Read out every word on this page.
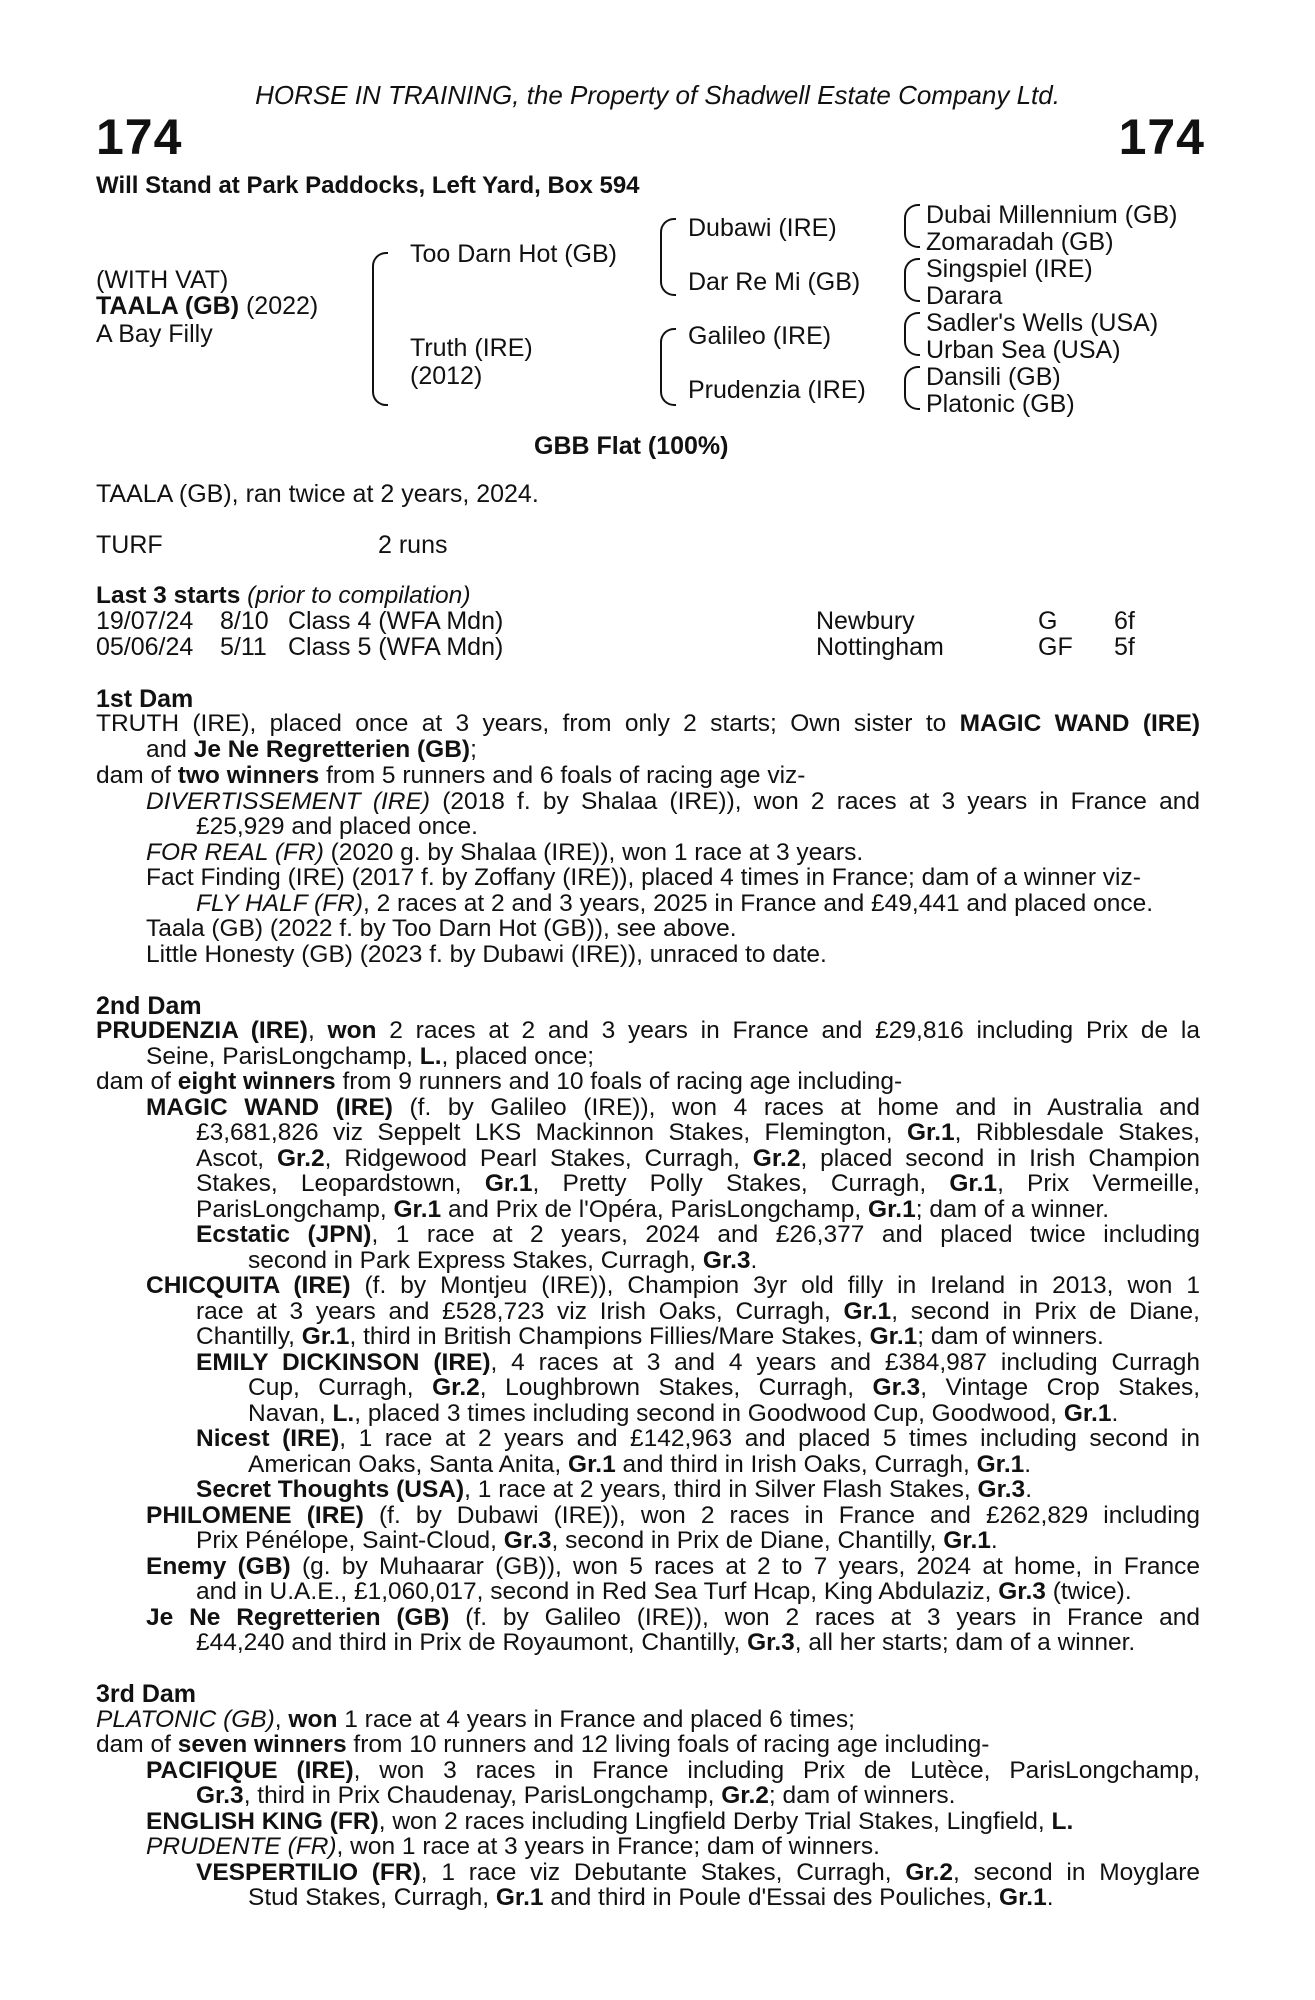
HORSE IN TRAINING, the Property of Shadwell Estate Company Ltd.
174	174
Will Stand at Park Paddocks, Left Yard, Box 594
(WITH VAT)
TAALA (GB) (2022)
A Bay Filly
Too Darn Hot (GB)
Truth (IRE)
(2012)
Dubawi (IRE)
Dar Re Mi (GB)
Galileo (IRE)
Prudenzia (IRE)
Dubai Millennium (GB)
Zomaradah (GB)
Singspiel (IRE)
Darara
Sadler's Wells (USA)
Urban Sea (USA)
Dansili (GB)
Platonic (GB)
GBB Flat (100%)
TAALA (GB), ran twice at 2 years, 2024.
TURF	2 runs
Last 3 starts (prior to compilation)
19/07/24 8/10 Class 4 (WFA Mdn)	Newbury	G 6f
05/06/24 5/11 Class 5 (WFA Mdn)	Nottingham	GF 5f
1st Dam
TRUTH (IRE), placed once at 3 years, from only 2 starts; Own sister to MAGIC WAND (IRE)
and Je Ne Regretterien (GB);
dam of two winners from 5 runners and 6 foals of racing age viz-
DIVERTISSEMENT (IRE) (2018 f. by Shalaa (IRE)), won 2 races at 3 years in France and
£25,929 and placed once.
FOR REAL (FR) (2020 g. by Shalaa (IRE)), won 1 race at 3 years.
Fact Finding (IRE) (2017 f. by Zoffany (IRE)), placed 4 times in France; dam of a winner viz-
FLY HALF (FR), 2 races at 2 and 3 years, 2025 in France and £49,441 and placed once.
Taala (GB) (2022 f. by Too Darn Hot (GB)), see above.
Little Honesty (GB) (2023 f. by Dubawi (IRE)), unraced to date.
2nd Dam
PRUDENZIA (IRE), won 2 races at 2 and 3 years in France and £29,816 including Prix de la
Seine, ParisLongchamp, L., placed once;
dam of eight winners from 9 runners and 10 foals of racing age including-
MAGIC WAND (IRE) (f. by Galileo (IRE)), won 4 races at home and in Australia and
£3,681,826 viz Seppelt LKS Mackinnon Stakes, Flemington, Gr.1, Ribblesdale Stakes,
Ascot, Gr.2, Ridgewood Pearl Stakes, Curragh, Gr.2, placed second in Irish Champion
Stakes, Leopardstown, Gr.1, Pretty Polly Stakes, Curragh, Gr.1, Prix Vermeille,
ParisLongchamp, Gr.1 and Prix de l'Opéra, ParisLongchamp, Gr.1; dam of a winner.
Ecstatic (JPN), 1 race at 2 years, 2024 and £26,377 and placed twice including
second in Park Express Stakes, Curragh, Gr.3.
CHICQUITA (IRE) (f. by Montjeu (IRE)), Champion 3yr old filly in Ireland in 2013, won 1
race at 3 years and £528,723 viz Irish Oaks, Curragh, Gr.1, second in Prix de Diane,
Chantilly, Gr.1, third in British Champions Fillies/Mare Stakes, Gr.1; dam of winners.
EMILY DICKINSON (IRE), 4 races at 3 and 4 years and £384,987 including Curragh
Cup, Curragh, Gr.2, Loughbrown Stakes, Curragh, Gr.3, Vintage Crop Stakes,
Navan, L., placed 3 times including second in Goodwood Cup, Goodwood, Gr.1.
Nicest (IRE), 1 race at 2 years and £142,963 and placed 5 times including second in
American Oaks, Santa Anita, Gr.1 and third in Irish Oaks, Curragh, Gr.1.
Secret Thoughts (USA), 1 race at 2 years, third in Silver Flash Stakes, Gr.3.
PHILOMENE (IRE) (f. by Dubawi (IRE)), won 2 races in France and £262,829 including
Prix Pénélope, Saint-Cloud, Gr.3, second in Prix de Diane, Chantilly, Gr.1.
Enemy (GB) (g. by Muhaarar (GB)), won 5 races at 2 to 7 years, 2024 at home, in France
and in U.A.E., £1,060,017, second in Red Sea Turf Hcap, King Abdulaziz, Gr.3 (twice).
Je Ne Regretterien (GB) (f. by Galileo (IRE)), won 2 races at 3 years in France and
£44,240 and third in Prix de Royaumont, Chantilly, Gr.3, all her starts; dam of a winner.
3rd Dam
PLATONIC (GB), won 1 race at 4 years in France and placed 6 times;
dam of seven winners from 10 runners and 12 living foals of racing age including-
PACIFIQUE (IRE), won 3 races in France including Prix de Lutèce, ParisLongchamp,
Gr.3, third in Prix Chaudenay, ParisLongchamp, Gr.2; dam of winners.
ENGLISH KING (FR), won 2 races including Lingfield Derby Trial Stakes, Lingfield, L.
PRUDENTE (FR), won 1 race at 3 years in France; dam of winners.
VESPERTILIO (FR), 1 race viz Debutante Stakes, Curragh, Gr.2, second in Moyglare
Stud Stakes, Curragh, Gr.1 and third in Poule d'Essai des Pouliches, Gr.1.
